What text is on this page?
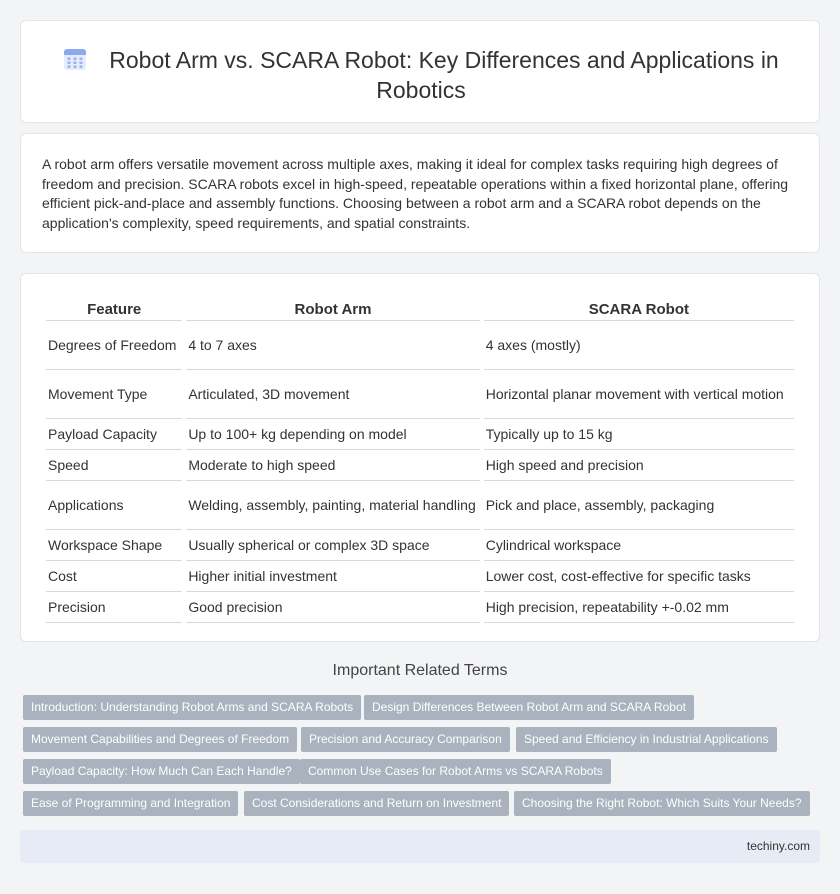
Robot Arm vs. SCARA Robot: Key Differences and Applications in Robotics

A robot arm offers versatile movement across multiple axes, making it ideal for complex tasks requiring high degrees of freedom and precision. SCARA robots excel in high-speed, repeatable operations within a fixed horizontal plane, offering efficient pick-and-place and assembly functions. Choosing between a robot arm and a SCARA robot depends on the application's complexity, speed requirements, and spatial constraints.

Feature	Robot Arm	SCARA Robot
Degrees of Freedom	4 to 7 axes	4 axes (mostly)
Movement Type	Articulated, 3D movement	Horizontal planar movement with vertical motion
Payload Capacity	Up to 100+ kg depending on model	Typically up to 15 kg
Speed	Moderate to high speed	High speed and precision
Applications	Welding, assembly, painting, material handling	Pick and place, assembly, packaging
Workspace Shape	Usually spherical or complex 3D space	Cylindrical workspace
Cost	Higher initial investment	Lower cost, cost-effective for specific tasks
Precision	Good precision	High precision, repeatability +-0.02 mm
Important Related Terms
Introduction: Understanding Robot Arms and SCARA Robots	Design Differences Between Robot Arm and SCARA Robot
Movement Capabilities and Degrees of Freedom	Precision and Accuracy Comparison	Speed and Efficiency in Industrial Applications
Payload Capacity: How Much Can Each Handle?	Common Use Cases for Robot Arms vs SCARA Robots
Ease of Programming and Integration	Cost Considerations and Return on Investment	Choosing the Right Robot: Which Suits Your Needs?
techiny.com
